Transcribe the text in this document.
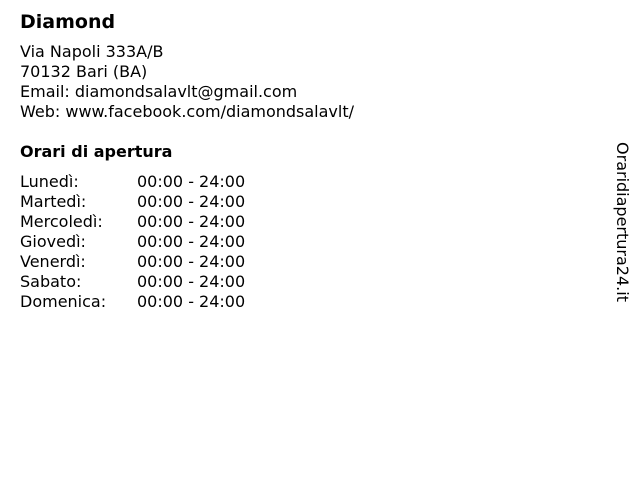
Diamond
Via Napoli 333A/B
70132 Bari (BA)
Email: diamondsalavlt@gmail.com
Web: www.facebook.com/diamondsalavlt/
Orari di apertura
Lunedì:	00:00 - 24:00
Martedì:	00:00 - 24:00
Mercoledì:	00:00 - 24:00
Giovedì:	00:00 - 24:00
Venerdì:	00:00 - 24:00
Sabato:	00:00 - 24:00
Domenica:	00:00 - 24:00	Oraridiapertura24.it
